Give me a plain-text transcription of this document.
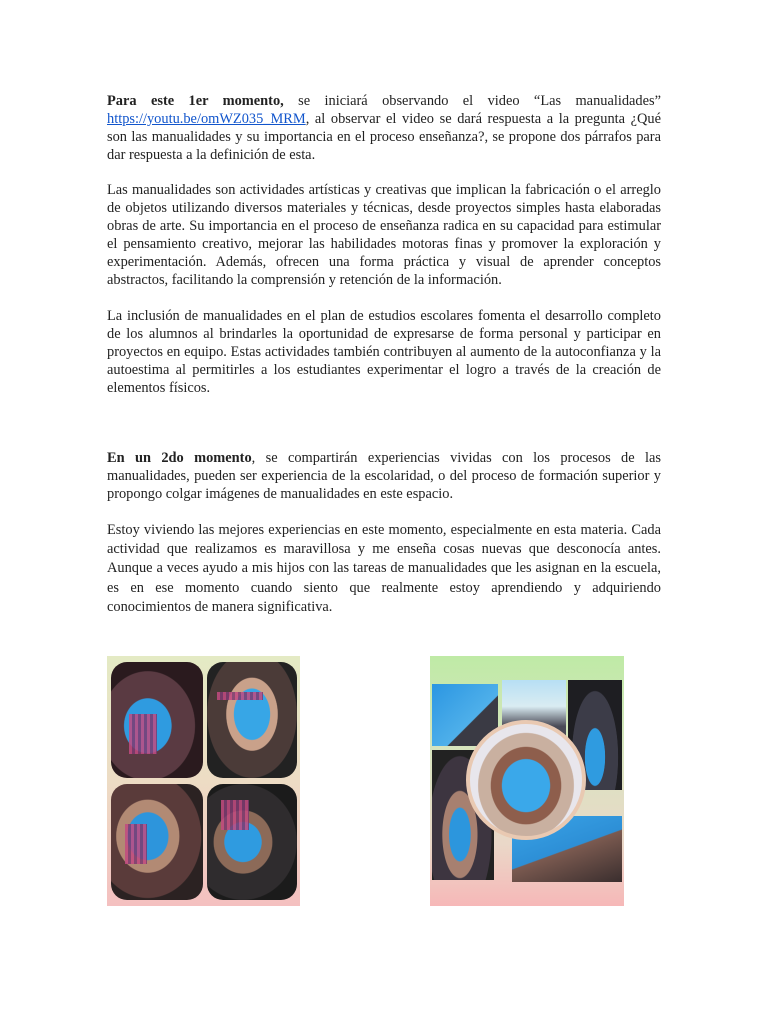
Para este 1er momento, se iniciará observando el video “Las manualidades” https://youtu.be/omWZ035_MRM, al observar el video se dará respuesta a la pregunta ¿Qué son las manualidades y su importancia en el proceso enseñanza?, se propone dos párrafos para dar respuesta a la definición de esta.

Las manualidades son actividades artísticas y creativas que implican la fabricación o el arreglo de objetos utilizando diversos materiales y técnicas, desde proyectos simples hasta elaboradas obras de arte. Su importancia en el proceso de enseñanza radica en su capacidad para estimular el pensamiento creativo, mejorar las habilidades motoras finas y promover la exploración y experimentación. Además, ofrecen una forma práctica y visual de aprender conceptos abstractos, facilitando la comprensión y retención de la información.

La inclusión de manualidades en el plan de estudios escolares fomenta el desarrollo completo de los alumnos al brindarles la oportunidad de expresarse de forma personal y participar en proyectos en equipo. Estas actividades también contribuyen al aumento de la autoconfianza y la autoestima al permitirles a los estudiantes experimentar el logro a través de la creación de elementos físicos.

En un 2do momento, se compartirán experiencias vividas con los procesos de las manualidades, pueden ser experiencia de la escolaridad, o del proceso de formación superior y propongo colgar imágenes de manualidades en este espacio.

Estoy viviendo las mejores experiencias en este momento, especialmente en esta materia. Cada actividad que realizamos es maravillosa y me enseña cosas nuevas que desconocía antes. Aunque a veces ayudo a mis hijos con las tareas de manualidades que les asignan en la escuela, es en ese momento cuando siento que realmente estoy aprendiendo y adquiriendo conocimientos de manera significativa.
